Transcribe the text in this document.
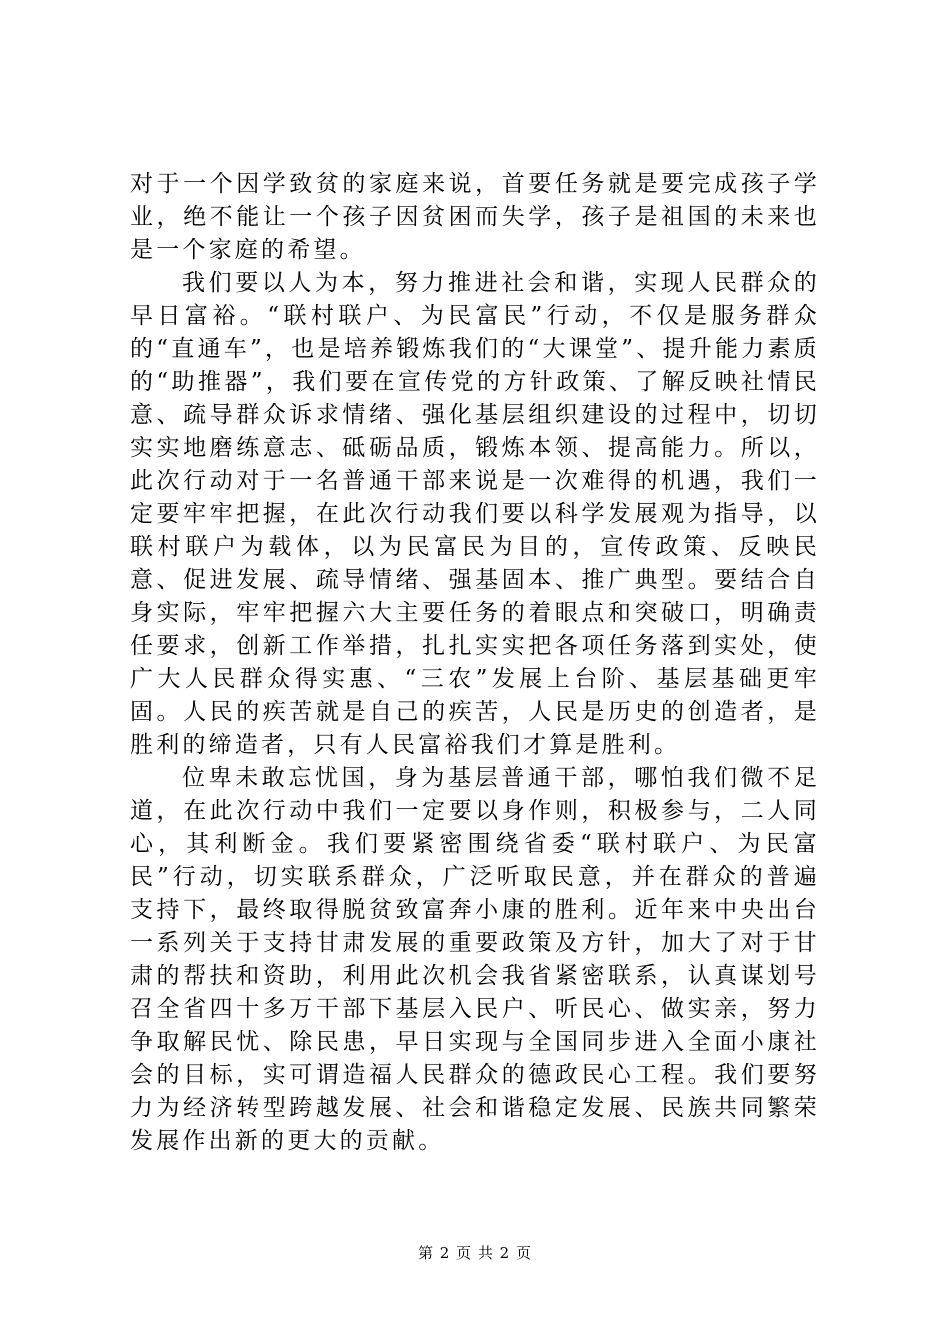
对于一个因学致贫的家庭来说，首要任务就是要完成孩子学业，绝不能让一个孩子因贫困而失学，孩子是祖国的未来也是一个家庭的希望。

我们要以人为本，努力推进社会和谐，实现人民群众的早日富裕。“联村联户、为民富民”行动，不仅是服务群众的“直通车”，也是培养锻炼我们的“大课堂”、提升能力素质的“助推器”，我们要在宣传党的方针政策、了解反映社情民意、疏导群众诉求情绪、强化基层组织建设的过程中，切切实实地磨练意志、砥砺品质，锻炼本领、提高能力。所以，此次行动对于一名普通干部来说是一次难得的机遇，我们一定要牢牢把握，在此次行动我们要以科学发展观为指导，以联村联户为载体，以为民富民为目的，宣传政策、反映民意、促进发展、疏导情绪、强基固本、推广典型。要结合自身实际，牢牢把握六大主要任务的着眼点和突破口，明确责任要求，创新工作举措，扎扎实实把各项任务落到实处，使广大人民群众得实惠、“三农”发展上台阶、基层基础更牢固。人民的疾苦就是自己的疾苦，人民是历史的创造者，是胜利的缔造者，只有人民富裕我们才算是胜利。

位卑未敢忘忧国，身为基层普通干部，哪怕我们微不足道，在此次行动中我们一定要以身作则，积极参与，二人同心，其利断金。我们要紧密围绕省委“联村联户、为民富民”行动，切实联系群众，广泛听取民意，并在群众的普遍支持下，最终取得脱贫致富奔小康的胜利。近年来中央出台一系列关于支持甘肃发展的重要政策及方针，加大了对于甘肃的帮扶和资助，利用此次机会我省紧密联系，认真谋划号召全省四十多万干部下基层入民户、听民心、做实亲，努力争取解民忧、除民患，早日实现与全国同步进入全面小康社会的目标，实可谓造福人民群众的德政民心工程。我们要努力为经济转型跨越发展、社会和谐稳定发展、民族共同繁荣发展作出新的更大的贡献。

第 2 页 共 2 页
